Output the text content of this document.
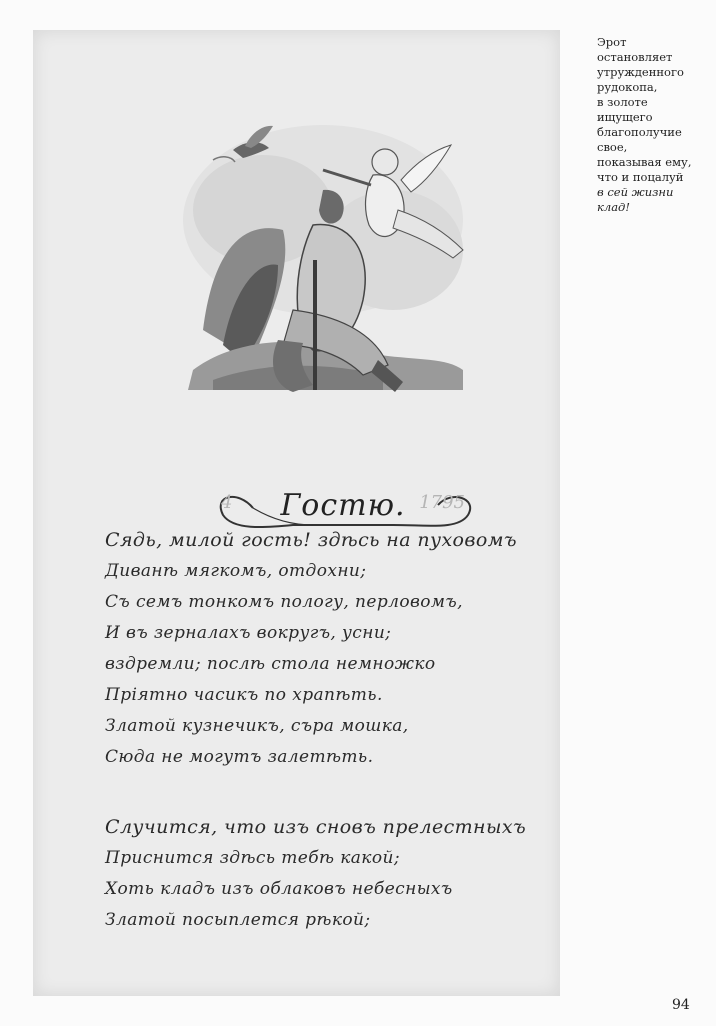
4	Гостю. 1795
Сядь, милой гость! здѣсь на пуховомъ
Диванѣ мягкомъ, отдохни;
Съ семъ тонкомъ пологу, перловомъ,
И въ зерналахъ вокругъ, усни;
вздремли; послѣ стола немножко
Пріятно часикъ по храпѣть.
Златой кузнечикъ, съра мошка,
Сюда не могутъ залетѣть.
Случится, что изъ сновъ прелестныхъ
Приснится здѣсь тебѣ какой;
Хоть кладъ изъ облаковъ небесныхъ
Златой посыплется рѣкой;
Эрот
остановляет
утружденного
рудокопа,
в золоте
ищущего
благополучие
свое,
показывая ему,
что и поцалуй
в сей жизни
клад!
94
